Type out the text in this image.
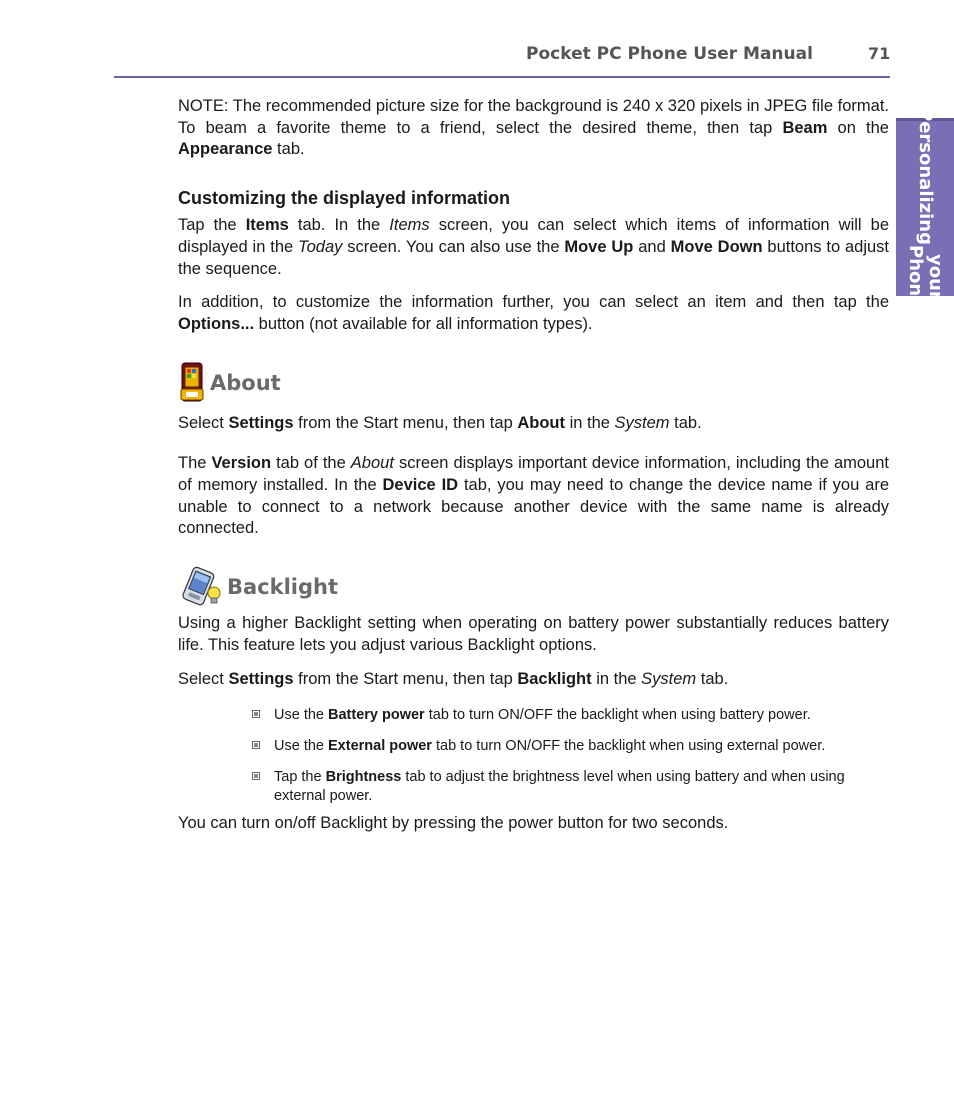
Pocket PC Phone User Manual	71
Personalizing
your Phone

NOTE: The recommended picture size for the background is 240 x 320 pixels in JPEG file format. To beam a favorite theme to a friend, select the desired theme, then tap Beam on the Appearance tab.

Customizing the displayed information

Tap the Items tab. In the Items screen, you can select which items of information will be displayed in the Today screen. You can also use the Move Up and Move Down buttons to adjust the sequence.

In addition, to customize the information further, you can select an item and then tap the Options... button (not available for all information types).

About

Select Settings from the Start menu, then tap About in the System tab.

The Version tab of the About screen displays important device information, including the amount of memory installed. In the Device ID tab, you may need to change the device name if you are unable to connect to a network because another device with the same name is already connected.

Backlight

Using a higher Backlight setting when operating on battery power substantially reduces battery life. This feature lets you adjust various Backlight options.

Select Settings from the Start menu, then tap Backlight in the System tab.

Use the Battery power tab to turn ON/OFF the backlight when using battery power.
Use the External power tab to turn ON/OFF the backlight when using external power.
Tap the Brightness tab to adjust the brightness level when using battery and when using external power.

You can turn on/off Backlight by pressing the power button for two seconds.
